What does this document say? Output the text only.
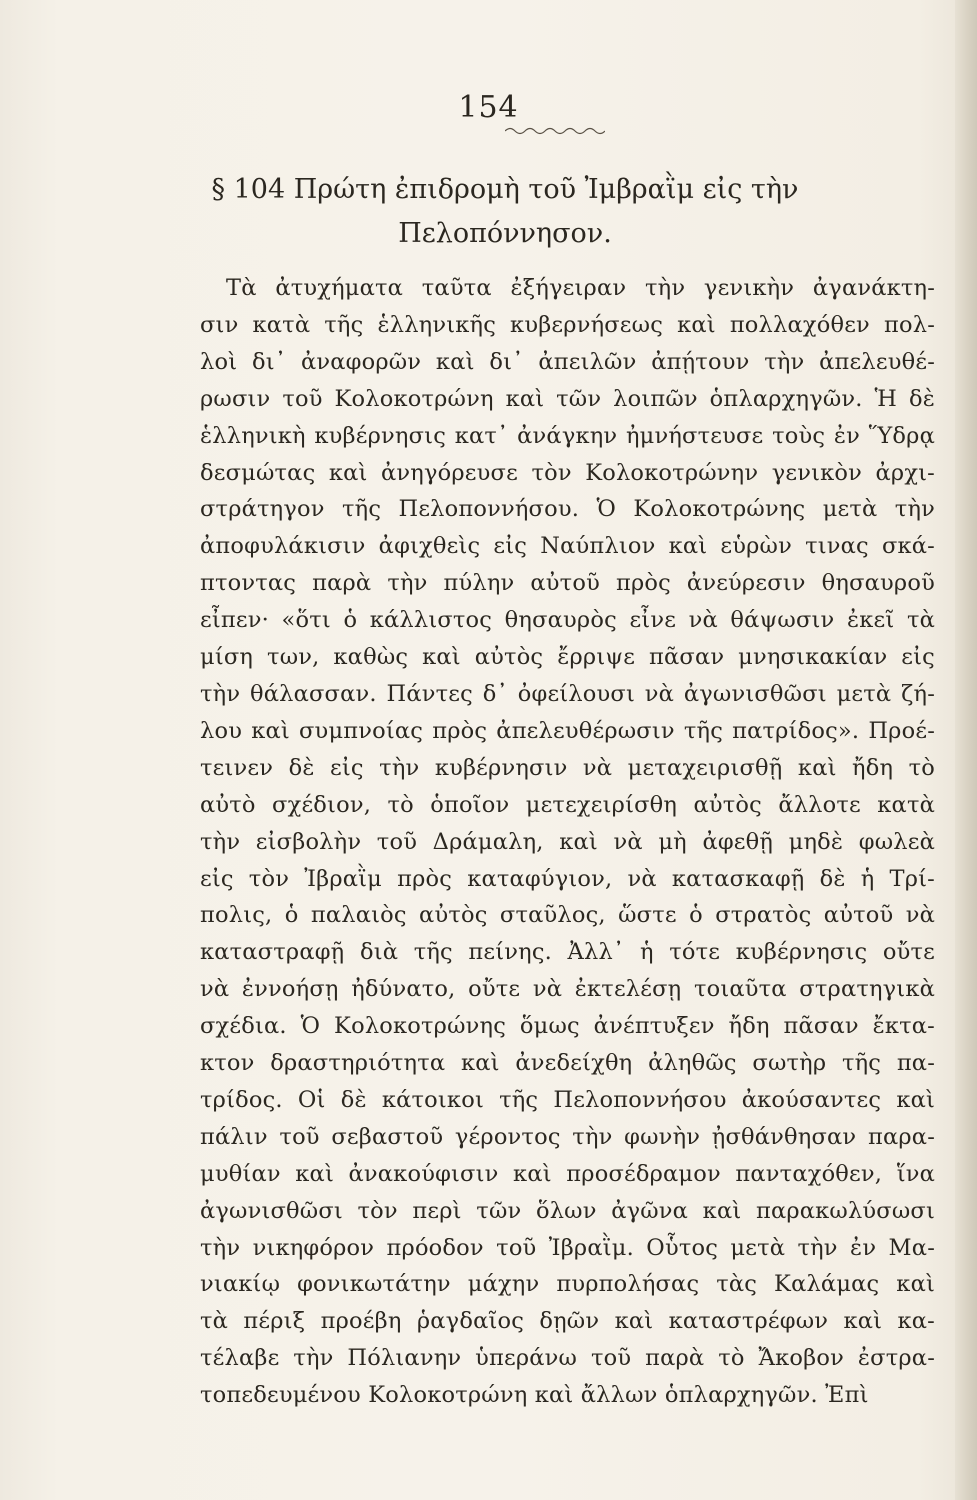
154
§ 104 Πρώτη ἐπιδρομὴ τοῦ Ἰμβραῒμ εἰς τὴν
Πελοπόννησον.
Τὰ ἀτυχήματα ταῦτα ἐξήγειραν τὴν γενικὴν ἀγανάκτη-
σιν κατὰ τῆς ἑλληνικῆς κυβερνήσεως καὶ πολλαχόθεν πολ-
λοὶ δι᾽ ἀναφορῶν καὶ δι᾽ ἀπειλῶν ἀπῄτουν τὴν ἀπελευθέ-
ρωσιν τοῦ Κολοκοτρώνη καὶ τῶν λοιπῶν ὁπλαρχηγῶν. Ἡ δὲ
ἑλληνικὴ κυβέρνησις κατ᾽ ἀνάγκην ἠμνήστευσε τοὺς ἐν Ὕδρᾳ
δεσμώτας καὶ ἀνηγόρευσε τὸν Κολοκοτρώνην γενικὸν ἀρχι-
στράτηγον τῆς Πελοποννήσου. Ὁ Κολοκοτρώνης μετὰ τὴν
ἀποφυλάκισιν ἀφιχθεὶς εἰς Ναύπλιον καὶ εὑρὼν τινας σκά-
πτοντας παρὰ τὴν πύλην αὐτοῦ πρὸς ἀνεύρεσιν θησαυροῦ
εἶπεν· «ὅτι ὁ κάλλιστος θησαυρὸς εἶνε νὰ θάψωσιν ἐκεῖ τὰ
μίση των, καθὼς καὶ αὐτὸς ἔρριψε πᾶσαν μνησικακίαν εἰς
τὴν θάλασσαν. Πάντες δ᾽ ὀφείλουσι νὰ ἀγωνισθῶσι μετὰ ζή-
λου καὶ συμπνοίας πρὸς ἀπελευθέρωσιν τῆς πατρίδος». Προέ-
τεινεν δὲ εἰς τὴν κυβέρνησιν νὰ μεταχειρισθῇ καὶ ἤδη τὸ
αὐτὸ σχέδιον, τὸ ὁποῖον μετεχειρίσθη αὐτὸς ἄλλοτε κατὰ
τὴν εἰσβολὴν τοῦ Δράμαλη, καὶ νὰ μὴ ἀφεθῇ μηδὲ φωλεὰ
εἰς τὸν Ἰβραῒμ πρὸς καταφύγιον, νὰ κατασκαφῇ δὲ ἡ Τρί-
πολις, ὁ παλαιὸς αὐτὸς σταῦλος, ὥστε ὁ στρατὸς αὐτοῦ νὰ
καταστραφῇ διὰ τῆς πείνης. Ἀλλ᾽ ἡ τότε κυβέρνησις οὔτε
νὰ ἐννοήσῃ ἠδύνατο, οὔτε νὰ ἐκτελέσῃ τοιαῦτα στρατηγικὰ
σχέδια. Ὁ Κολοκοτρώνης ὅμως ἀνέπτυξεν ἤδη πᾶσαν ἔκτα-
κτον δραστηριότητα καὶ ἀνεδείχθη ἀληθῶς σωτὴρ τῆς πα-
τρίδος. Οἱ δὲ κάτοικοι τῆς Πελοποννήσου ἀκούσαντες καὶ
πάλιν τοῦ σεβαστοῦ γέροντος τὴν φωνὴν ᾐσθάνθησαν παρα-
μυθίαν καὶ ἀνακούφισιν καὶ προσέδραμον πανταχόθεν, ἵνα
ἀγωνισθῶσι τὸν περὶ τῶν ὅλων ἀγῶνα καὶ παρακωλύσωσι
τὴν νικηφόρον πρόοδον τοῦ Ἰβραῒμ. Οὗτος μετὰ τὴν ἐν Μα-
νιακίῳ φονικωτάτην μάχην πυρπολήσας τὰς Καλάμας καὶ
τὰ πέριξ προέβη ῥαγδαῖος δῃῶν καὶ καταστρέφων καὶ κα-
τέλαβε τὴν Πόλιανην ὑπεράνω τοῦ παρὰ τὸ Ἄκοβον ἐστρα-
τοπεδευμένου Κολοκοτρώνη καὶ ἄλλων ὁπλαρχηγῶν. Ἐπὶ
